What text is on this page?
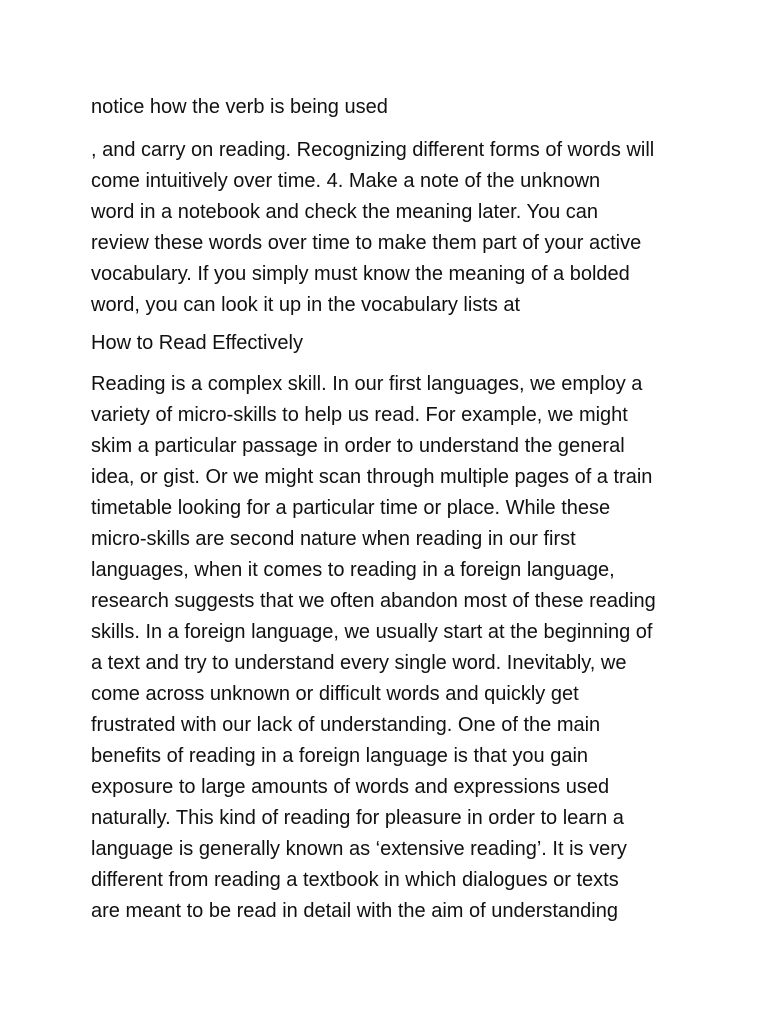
notice how the verb is being used
, and carry on reading. Recognizing different forms of words will
come intuitively over time. 4. Make a note of the unknown
word in a notebook and check the meaning later. You can
review these words over time to make them part of your active
vocabulary. If you simply must know the meaning of a bolded
word, you can look it up in the vocabulary lists at
How to Read Effectively
Reading is a complex skill. In our first languages, we employ a
variety of micro-skills to help us read. For example, we might
skim a particular passage in order to understand the general
idea, or gist. Or we might scan through multiple pages of a train
timetable looking for a particular time or place. While these
micro-skills are second nature when reading in our first
languages, when it comes to reading in a foreign language,
research suggests that we often abandon most of these reading
skills. In a foreign language, we usually start at the beginning of
a text and try to understand every single word. Inevitably, we
come across unknown or difficult words and quickly get
frustrated with our lack of understanding. One of the main
benefits of reading in a foreign language is that you gain
exposure to large amounts of words and expressions used
naturally. This kind of reading for pleasure in order to learn a
language is generally known as ‘extensive reading’. It is very
different from reading a textbook in which dialogues or texts
are meant to be read in detail with the aim of understanding
